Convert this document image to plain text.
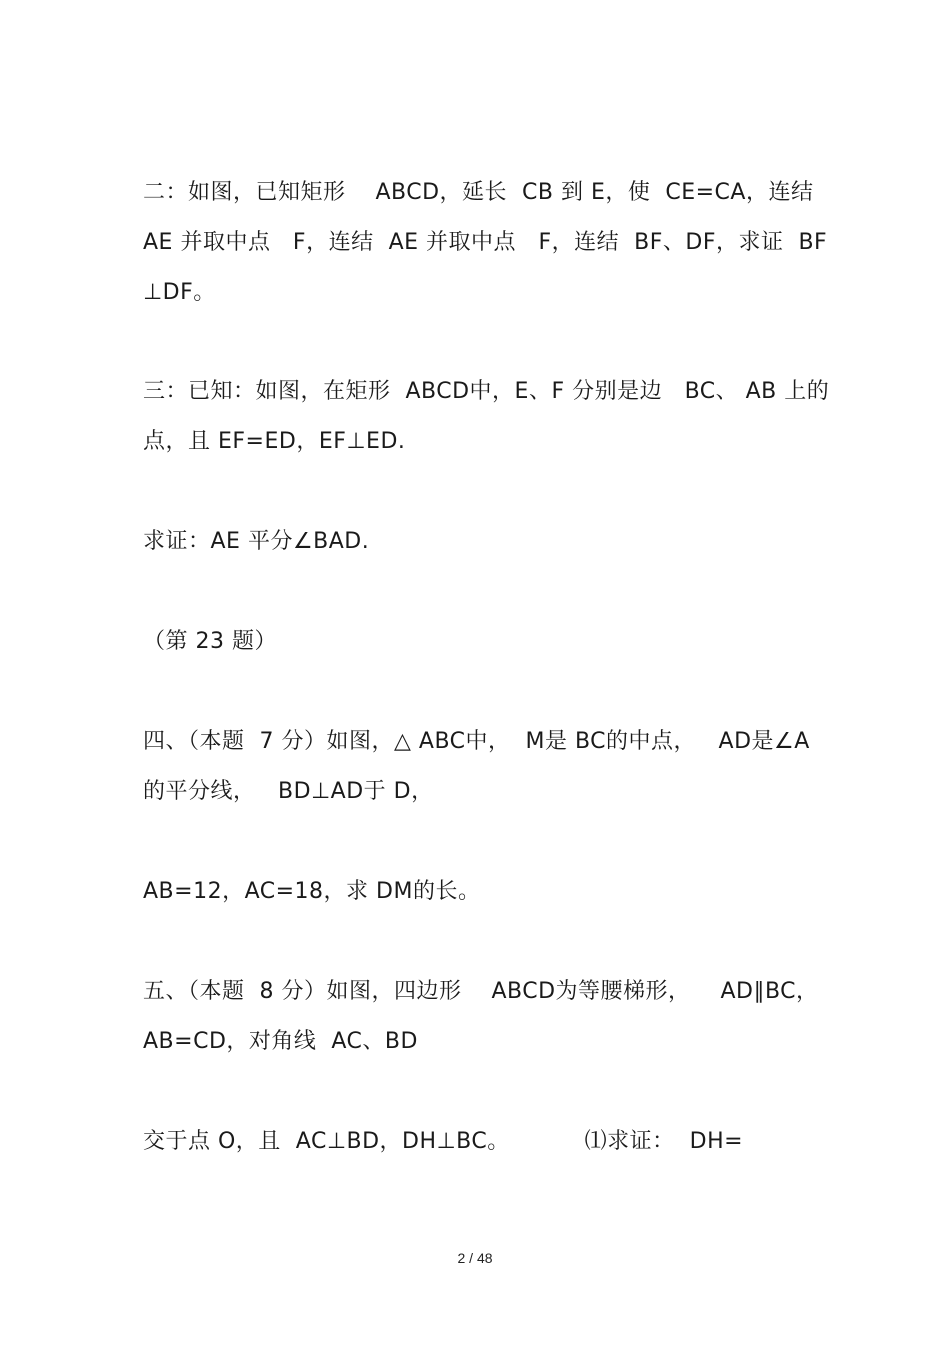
二：如图，已知矩形    ABCD，延长  CB 到 E，使  CE=CA，连结
AE 并取中点   F，连结  AE 并取中点   F，连结  BF、DF，求证  BF
⊥DF。
三：已知：如图，在矩形  ABCD中，E、F 分别是边   BC、 AB 上的
点，且 EF=ED，EF⊥ED.
求证：AE 平分∠BAD.
（第 23 题）
四、（本题  7 分）如图，△ ABC中，  M是 BC的中点，   AD是∠A
的平分线，   BD⊥AD于 D，
AB=12，AC=18，求 DM的长。
五、（本题  8 分）如图，四边形    ABCD为等腰梯形，    AD∥BC，
AB=CD，对角线  AC、BD
交于点 O，且  AC⊥BD，DH⊥BC。          ⑴求证：  DH=
2 / 48
